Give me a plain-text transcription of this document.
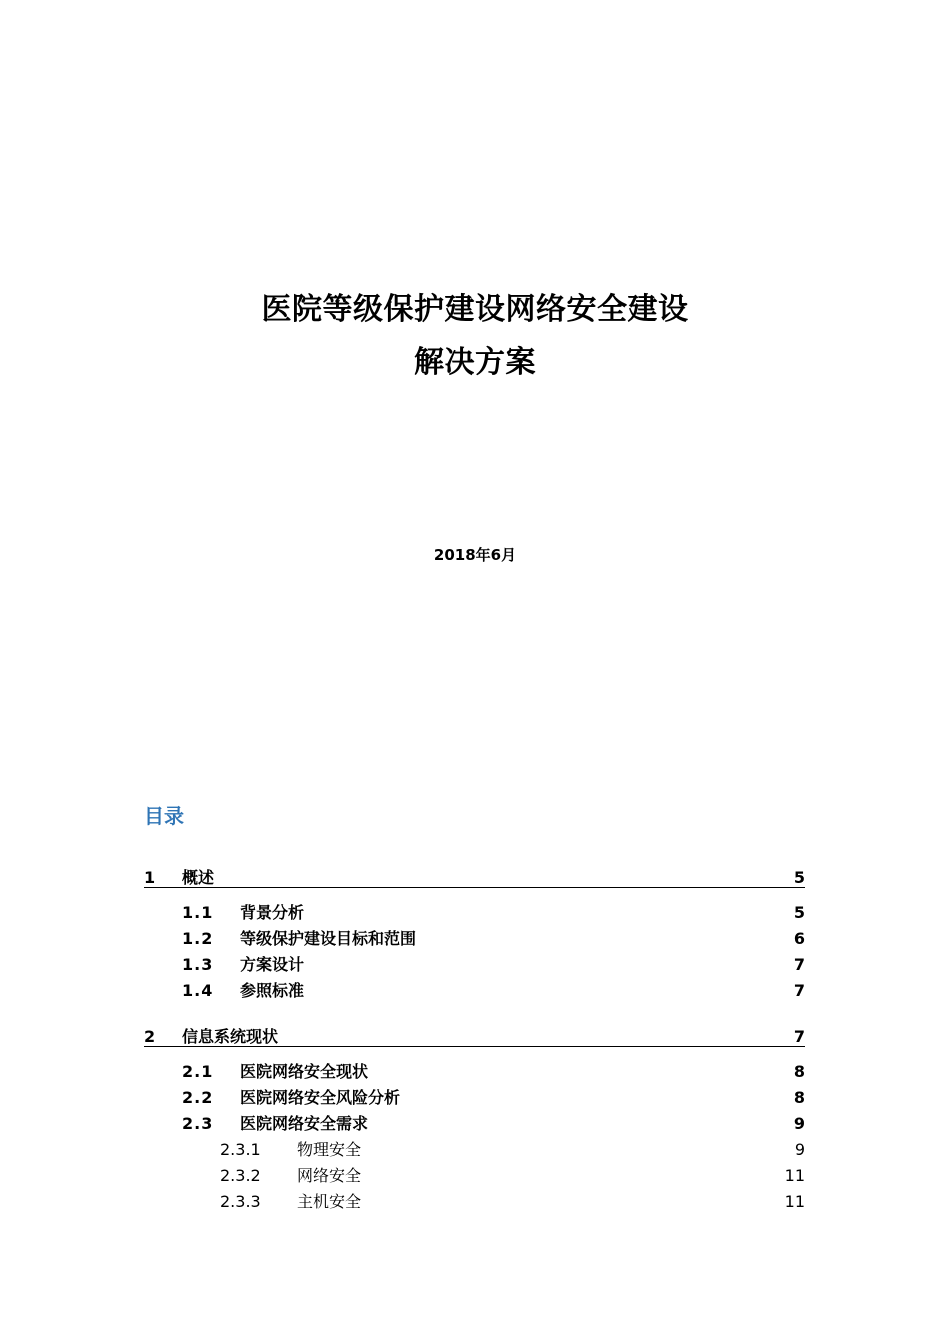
医院等级保护建设网络安全建设
解决方案
2018年6月
目录
1 概述	5
1.1 背景分析	5
1.2 等级保护建设目标和范围	6
1.3 方案设计	7
1.4 参照标准	7
2 信息系统现状	7
2.1 医院网络安全现状	8
2.2 医院网络安全风险分析	8
2.3 医院网络安全需求	9
2.3.1 物理安全	9
2.3.2 网络安全	11
2.3.3 主机安全	11
